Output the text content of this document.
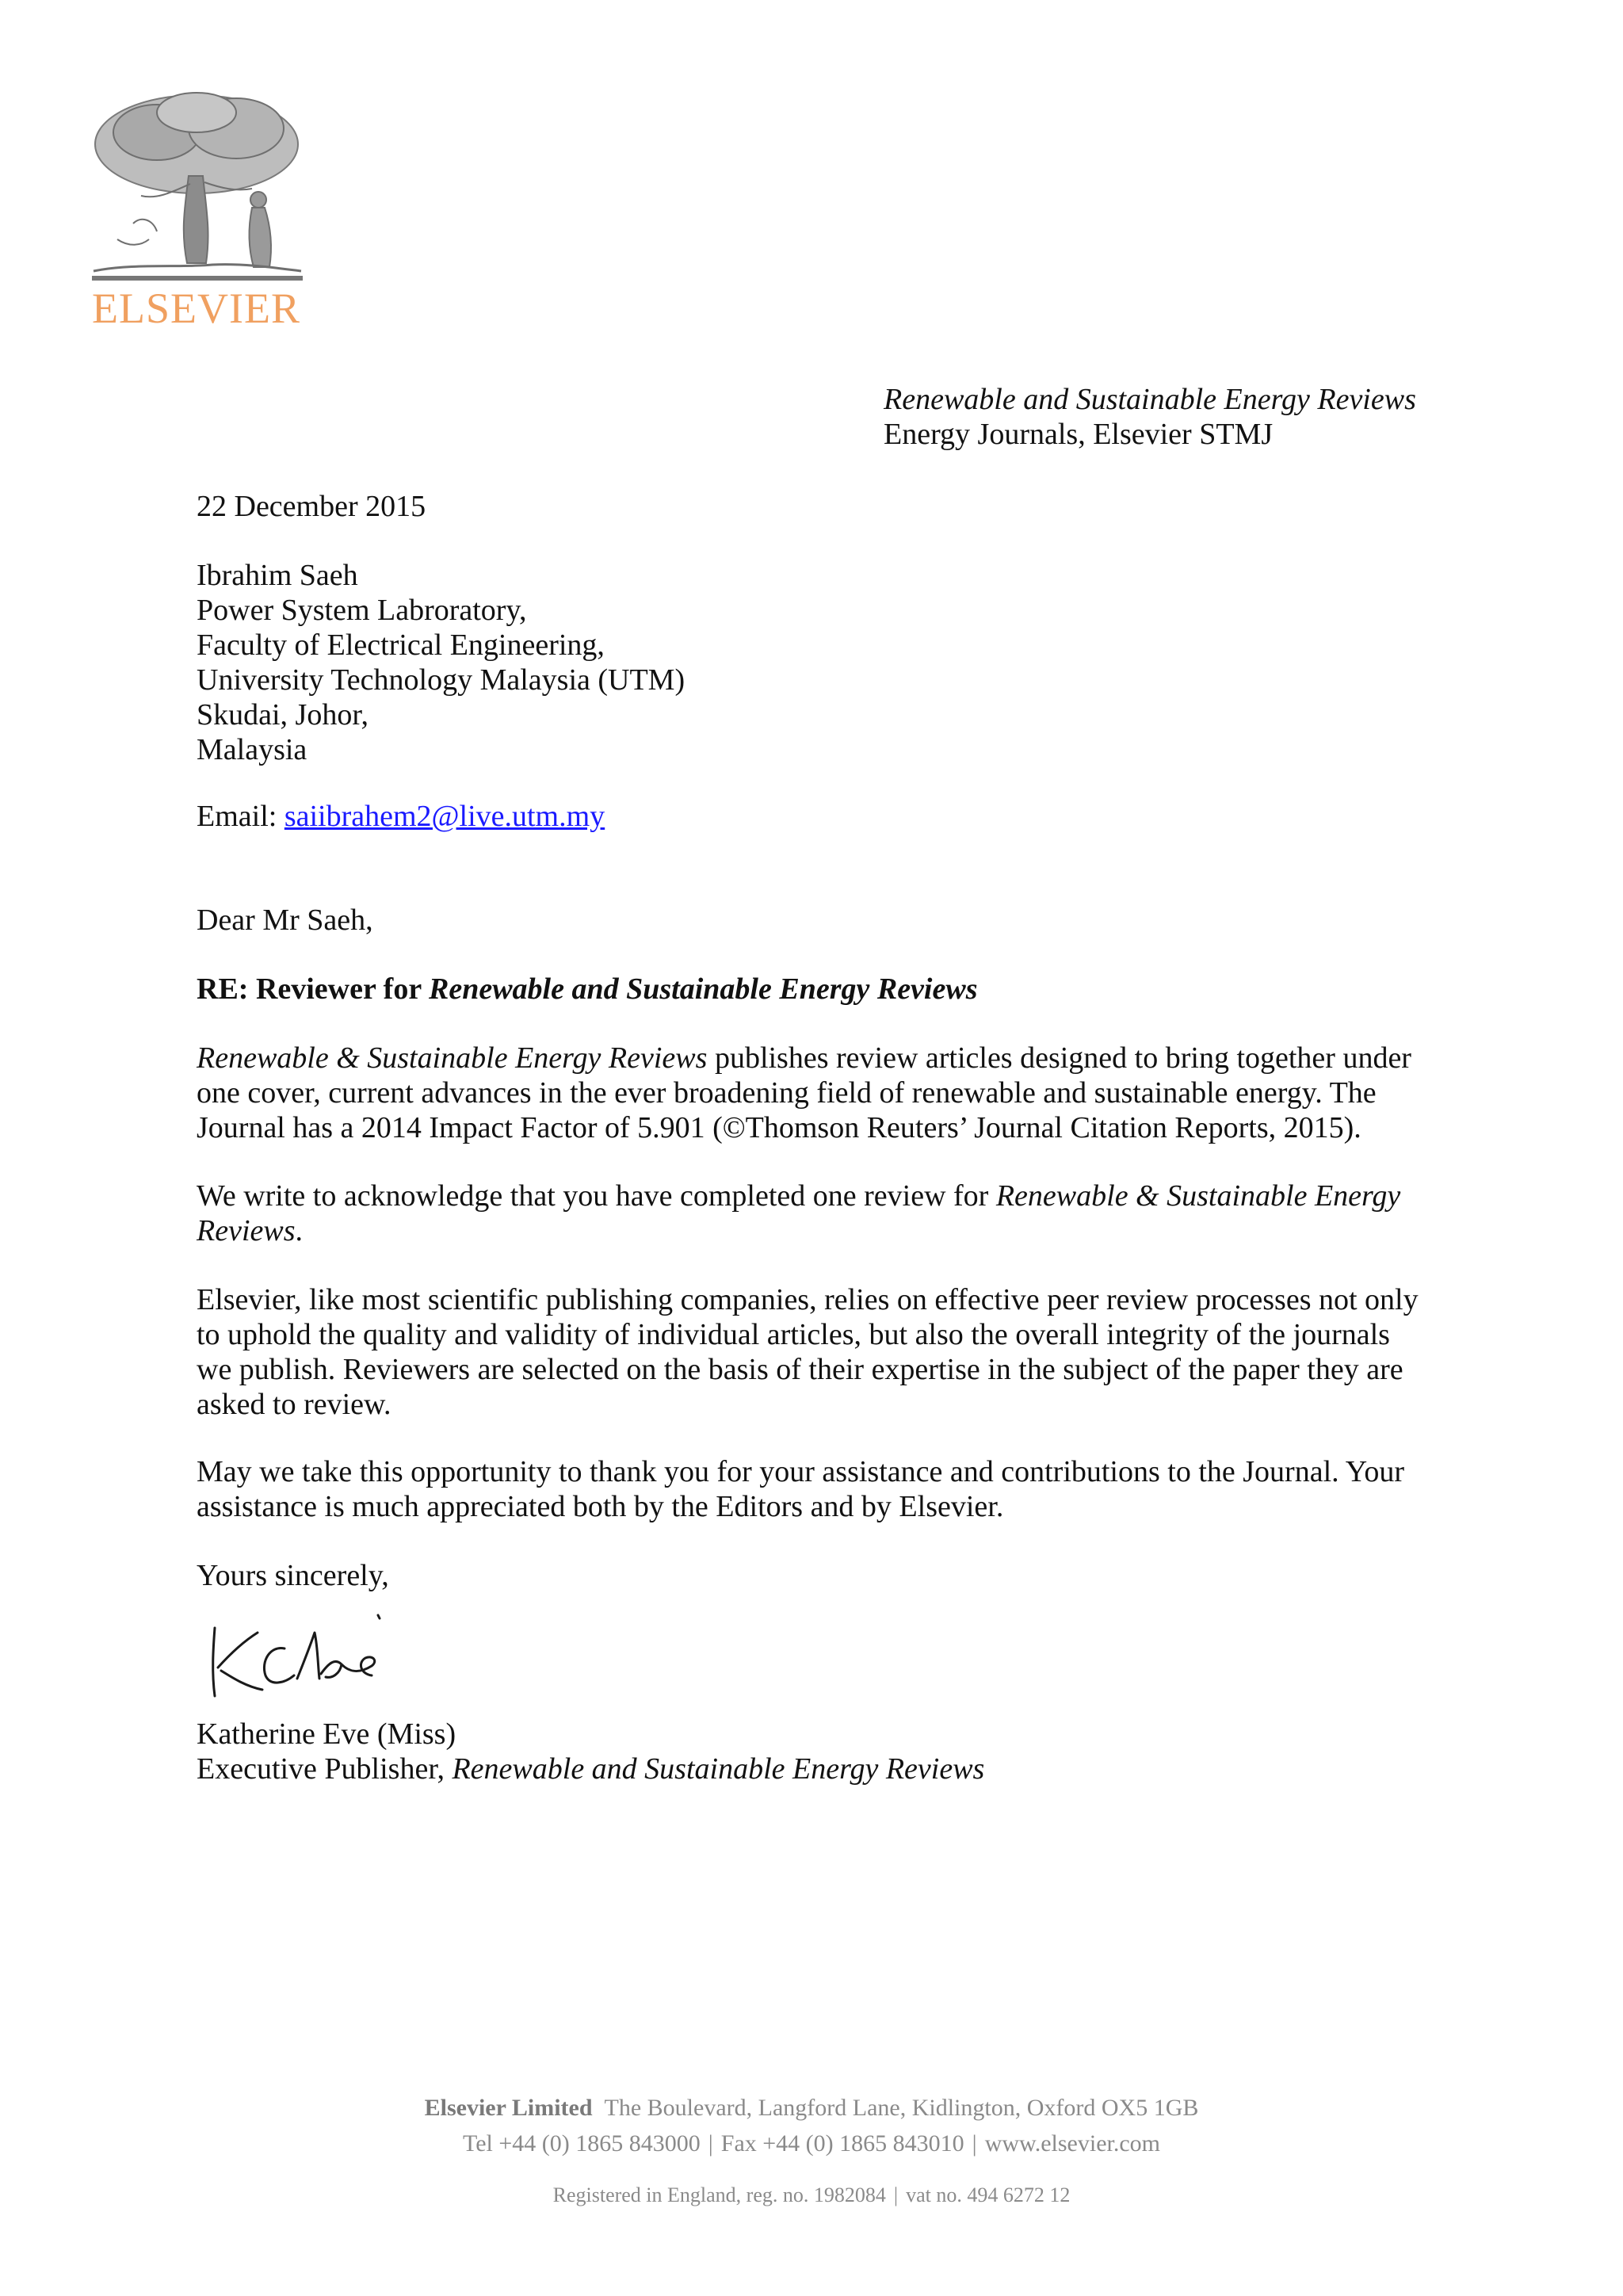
ELSEVIER
Renewable and Sustainable Energy Reviews
Energy Journals, Elsevier STMJ
22 December 2015
Ibrahim Saeh
Power System Labroratory,
Faculty of Electrical Engineering,
University Technology Malaysia (UTM)
Skudai, Johor,
Malaysia
Email: saiibrahem2@live.utm.my
Dear Mr Saeh,
RE: Reviewer for Renewable and Sustainable Energy Reviews
Renewable & Sustainable Energy Reviews publishes review articles designed to bring together under
one cover, current advances in the ever broadening field of renewable and sustainable energy. The
Journal has a 2014 Impact Factor of 5.901 (©Thomson Reuters’ Journal Citation Reports, 2015).
We write to acknowledge that you have completed one review for Renewable & Sustainable Energy
Reviews.
Elsevier, like most scientific publishing companies, relies on effective peer review processes not only
to uphold the quality and validity of individual articles, but also the overall integrity of the journals
we publish. Reviewers are selected on the basis of their expertise in the subject of the paper they are
asked to review.
May we take this opportunity to thank you for your assistance and contributions to the Journal. Your
assistance is much appreciated both by the Editors and by Elsevier.
Yours sincerely,
Katherine Eve (Miss)
Executive Publisher, Renewable and Sustainable Energy Reviews
Elsevier Limited The Boulevard, Langford Lane, Kidlington, Oxford OX5 1GB
Tel +44 (0) 1865 843000 | Fax +44 (0) 1865 843010 | www.elsevier.com
Registered in England, reg. no. 1982084 | vat no. 494 6272 12
